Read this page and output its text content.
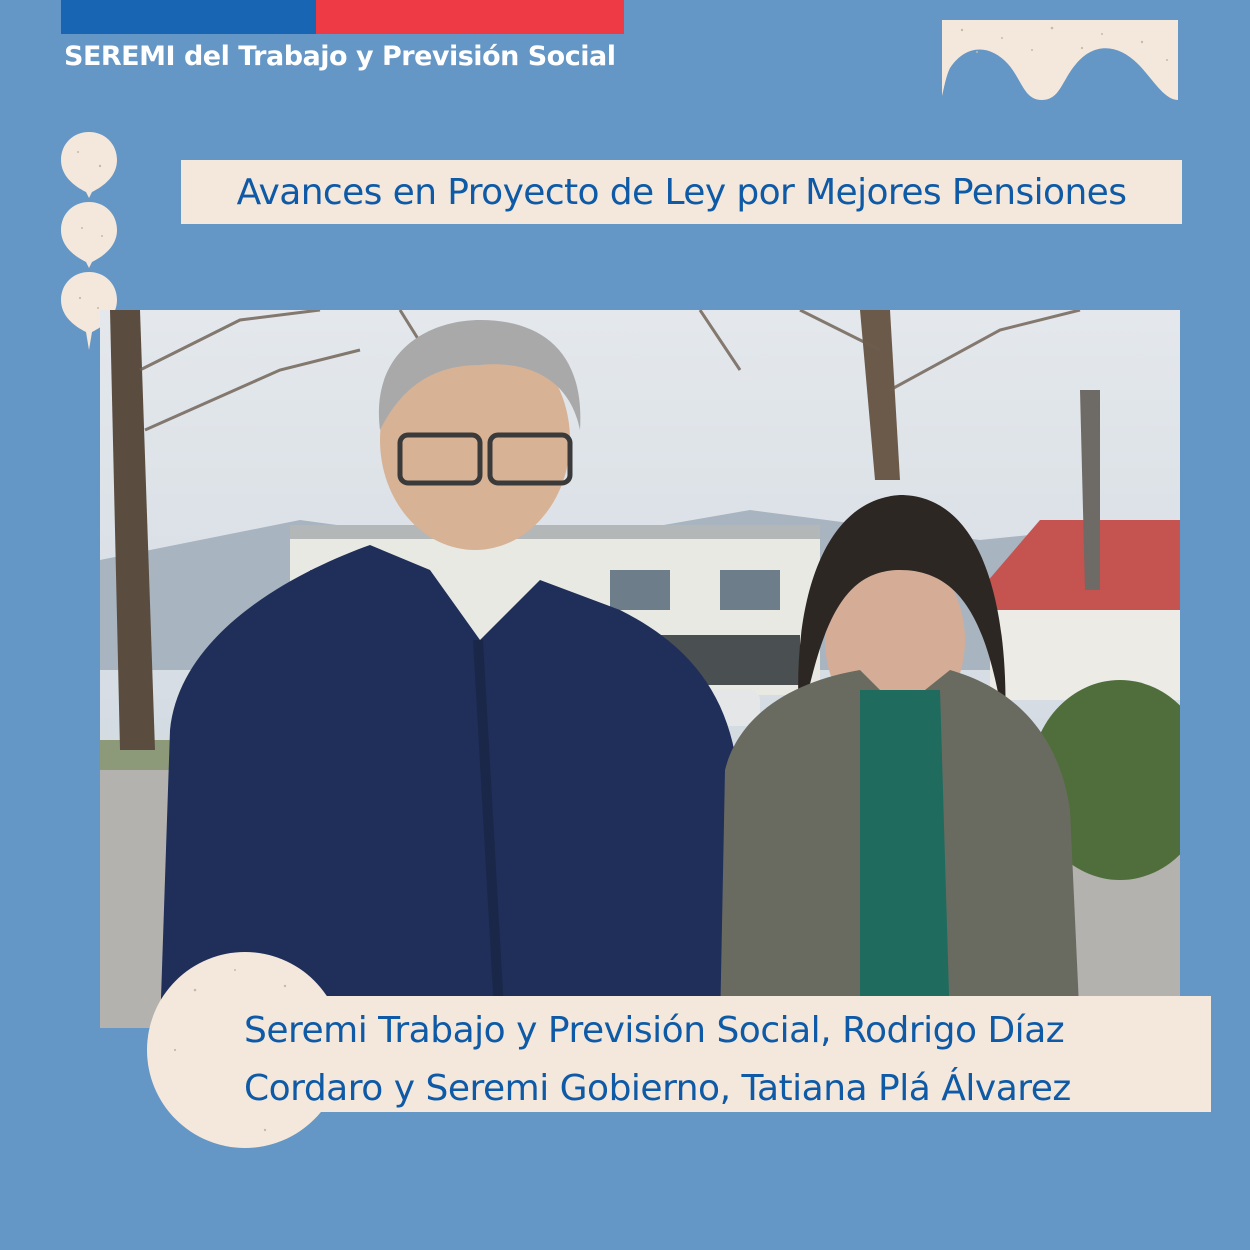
SEREMI del Trabajo y Previsión Social
Avances en Proyecto de Ley por Mejores Pensiones
Seremi Trabajo y Previsión Social, Rodrigo Díaz Cordaro y Seremi Gobierno, Tatiana Plá Álvarez
